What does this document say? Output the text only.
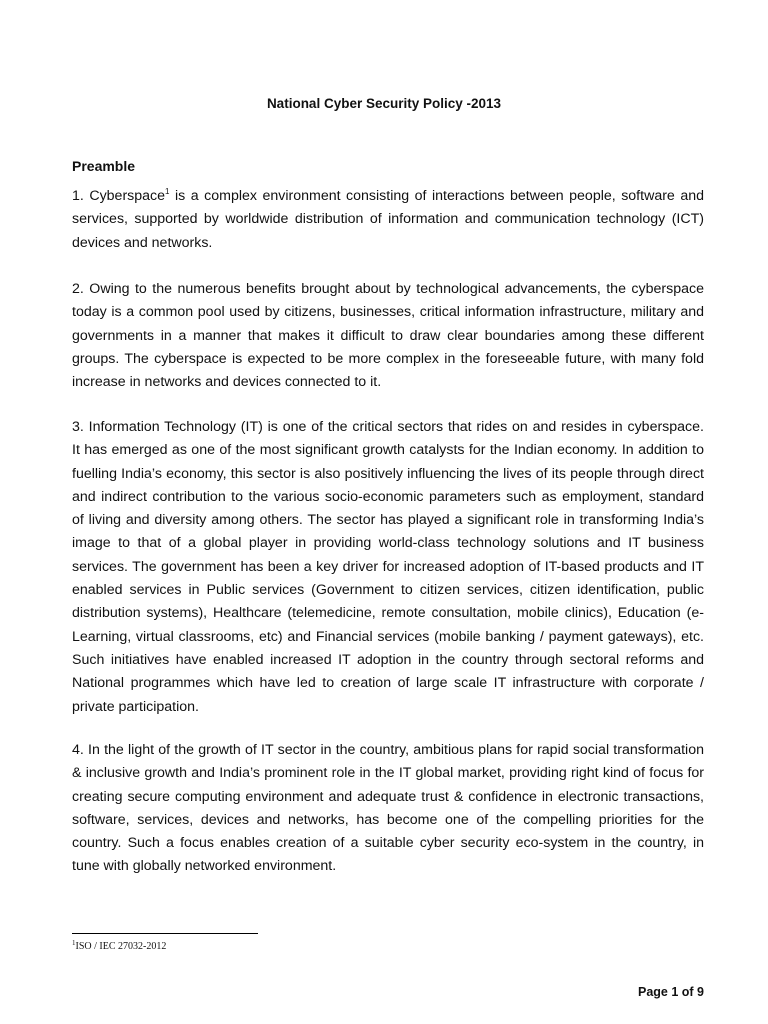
National Cyber Security Policy -2013
Preamble
1. Cyberspace$^1$ is a complex environment consisting of interactions between people, software and
services, supported by worldwide distribution of information and communication technology (ICT)
devices and networks.
2. Owing to the numerous benefits brought about by technological advancements, the cyberspace
today is a common pool used by citizens, businesses, critical information infrastructure, military and
governments in a manner that makes it difficult to draw clear boundaries among these different
groups. The cyberspace is expected to be more complex in the foreseeable future, with many fold
increase in networks and devices connected to it.
3. Information Technology (IT) is one of the critical sectors that rides on and resides in cyberspace.
It has emerged as one of the most significant growth catalysts for the Indian economy. In addition to
fuelling India’s economy, this sector is also positively influencing the lives of its people through direct
and indirect contribution to the various socio-economic parameters such as employment, standard
of living and diversity among others. The sector has played a significant role in transforming India’s
image to that of a global player in providing world-class technology solutions and IT business
services. The government has been a key driver for increased adoption of IT-based products and IT
enabled services in Public services (Government to citizen services, citizen identification, public
distribution systems), Healthcare (telemedicine, remote consultation, mobile clinics), Education (e-
Learning, virtual classrooms, etc) and Financial services (mobile banking / payment gateways), etc.
Such initiatives have enabled increased IT adoption in the country through sectoral reforms and
National programmes which have led to creation of large scale IT infrastructure with corporate /
private participation.
4. In the light of the growth of IT sector in the country, ambitious plans for rapid social transformation
& inclusive growth and India’s prominent role in the IT global market, providing right kind of focus for
creating secure computing environment and adequate trust & confidence in electronic transactions,
software, services, devices and networks, has become one of the compelling priorities for the
country. Such a focus enables creation of a suitable cyber security eco-system in the country, in
tune with globally networked environment.
$^1$ISO / IEC 27032-2012
Page 1 of 9
